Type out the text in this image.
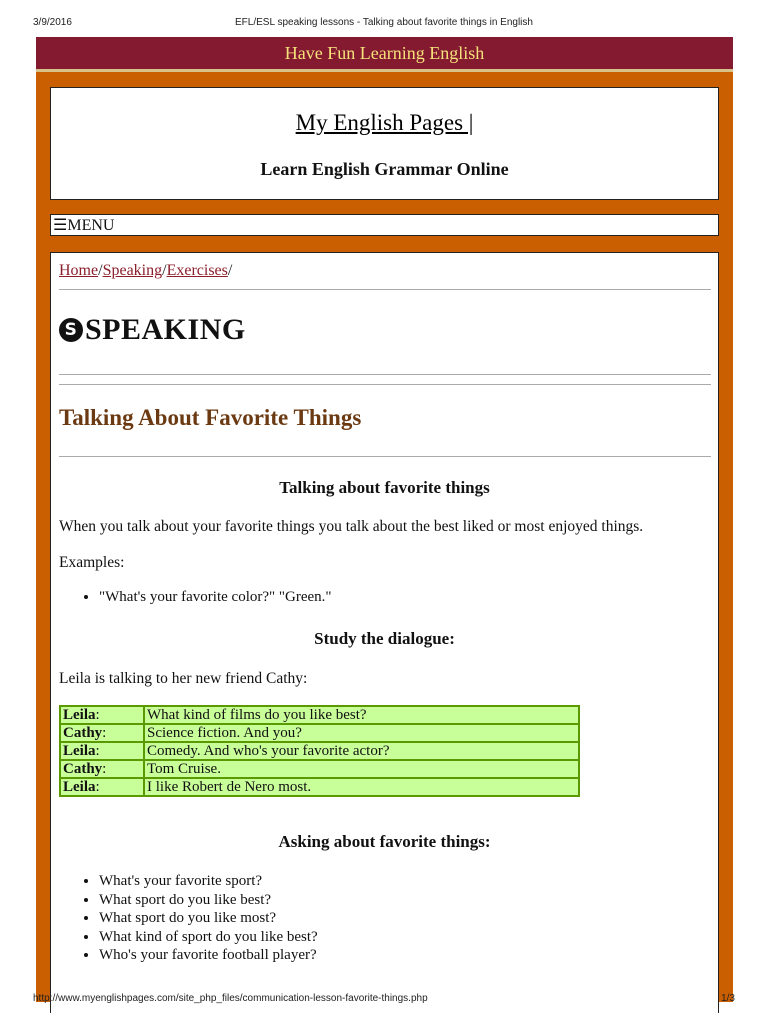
3/9/2016	EFL/ESL speaking lessons - Talking about favorite things in English
Have Fun Learning English
My English Pages |
Learn English Grammar Online
☰MENU
Home/Speaking/Exercises/
S SPEAKING
Talking About Favorite Things
Talking about favorite things
When you talk about your favorite things you talk about the best liked or most enjoyed things.
Examples:
• "What's your favorite color?" "Green."
Study the dialogue:
Leila is talking to her new friend Cathy:
Leila:	What kind of films do you like best?
Cathy:	Science fiction. And you?
Leila:	Comedy. And who's your favorite actor?
Cathy:	Tom Cruise.
Leila:	I like Robert de Nero most.
Asking about favorite things:
• What's your favorite sport?
• What sport do you like best?
• What sport do you like most?
• What kind of sport do you like best?
• Who's your favorite football player?
http://www.myenglishpages.com/site_php_files/communication-lesson-favorite-things.php	1/3
